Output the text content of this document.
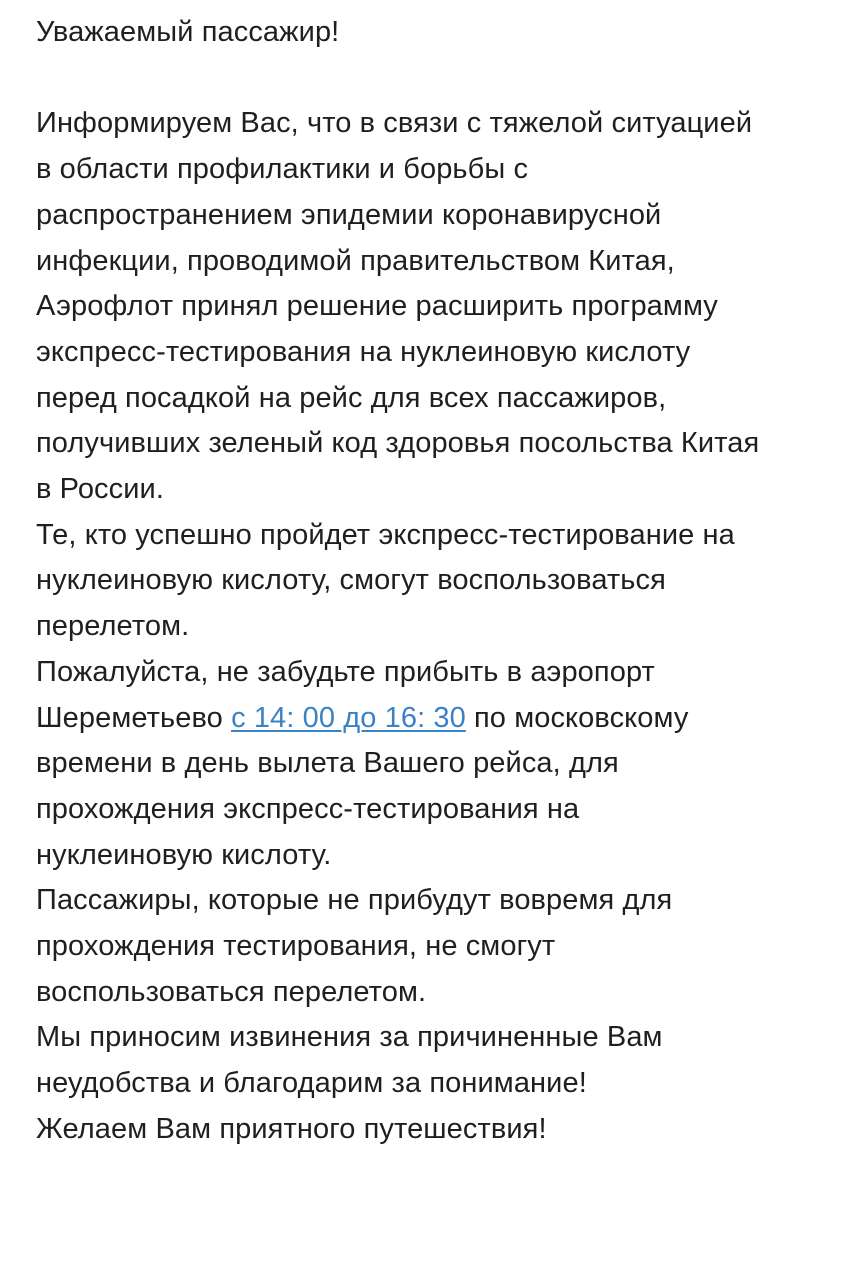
Уважаемый пассажир!
Информируем Вас, что в связи с тяжелой ситуацией
в области профилактики и борьбы с
распространением эпидемии коронавирусной
инфекции, проводимой правительством Китая,
Аэрофлот принял решение расширить программу
экспресс-тестирования на нуклеиновую кислоту
перед посадкой на рейс для всех пассажиров,
получивших зеленый код здоровья посольства Китая
в России.
Те, кто успешно пройдет экспресс-тестирование на
нуклеиновую кислоту, смогут воспользоваться
перелетом.
Пожалуйста, не забудьте прибыть в аэропорт
Шереметьево с 14: 00 до 16: 30 по московскому
времени в день вылета Вашего рейса, для
прохождения экспресс-тестирования на
нуклеиновую кислоту.
Пассажиры, которые не прибудут вовремя для
прохождения тестирования, не смогут
воспользоваться перелетом.
Мы приносим извинения за причиненные Вам
неудобства и благодарим за понимание!
Желаем Вам приятного путешествия!
